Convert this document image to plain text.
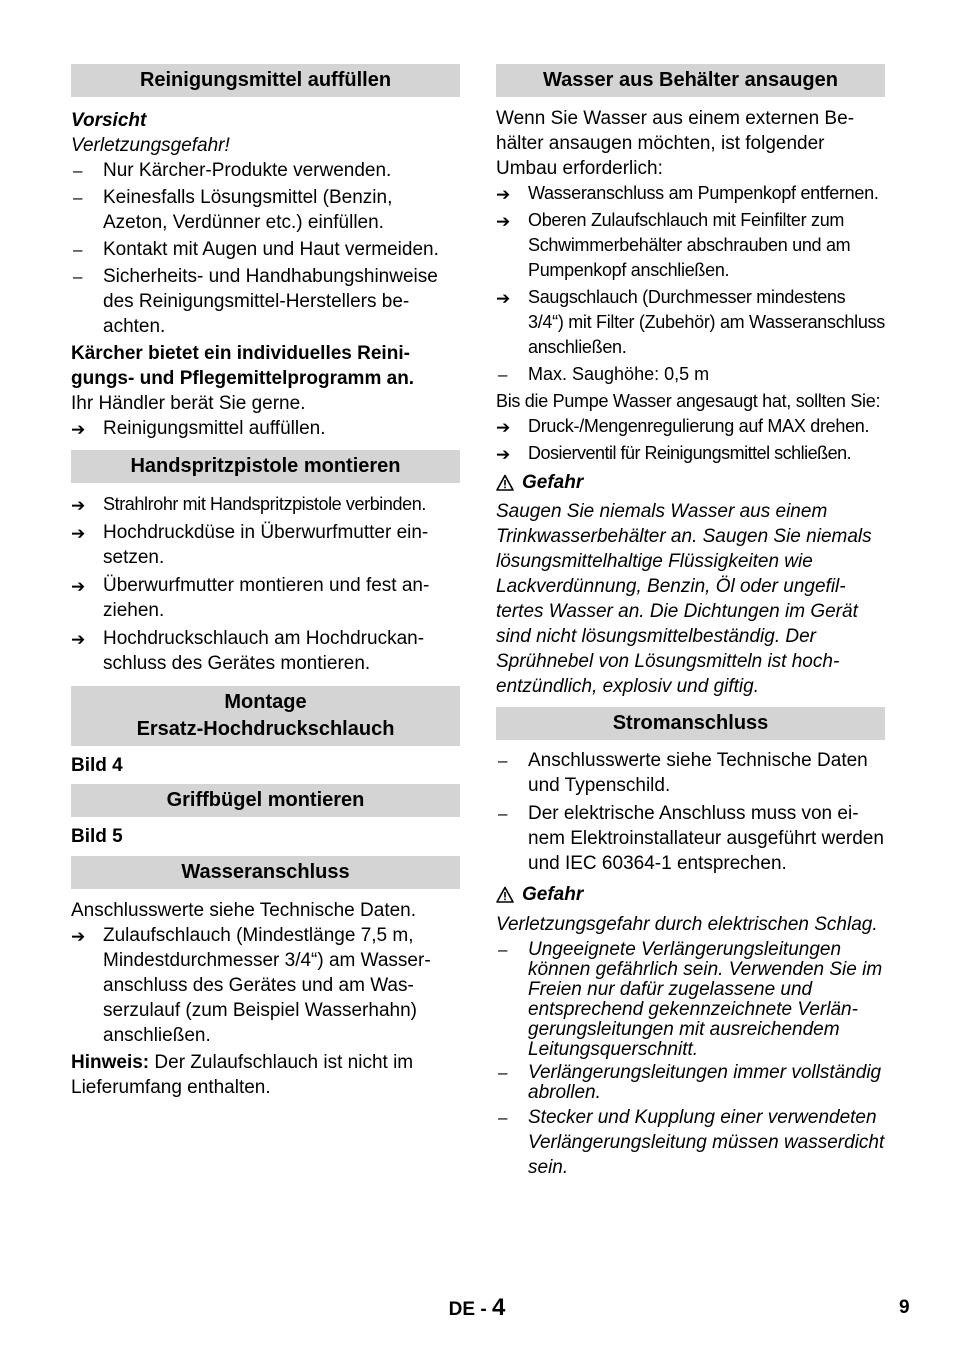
Reinigungsmittel auffüllen

Vorsicht

Verletzungsgefahr!

–	Nur Kärcher-Produkte verwenden.
–	Keinesfalls Lösungsmittel (Benzin, Azeton, Verdünner etc.) einfüllen.
–	Kontakt mit Augen und Haut vermeiden.
–	Sicherheits- und Handhabungshinweise des Reinigungsmittel-Herstellers beachten.

Kärcher bietet ein individuelles Reinigungs- und Pflegemittelprogramm an.

Ihr Händler berät Sie gerne.

➔ Reinigungsmittel auffüllen.
Handspritzpistole montieren
➔	Strahlrohr mit Handspritzpistole verbinden.
➔ Hochdruckdüse in Überwurfmutter einsetzen.
➔ Überwurfmutter montieren und fest anziehen.
➔ Hochdruckschlauch am Hochdruckanschluss des Gerätes montieren.
Montage
Ersatz-Hochdruckschlauch

Bild 4

Griffbügel montieren

Bild 5

Wasseranschluss

Anschlusswerte siehe Technische Daten.

➔ Zulaufschlauch (Mindestlänge 7,5 m, Mindestdurchmesser 3/4“) am Wasseranschluss des Gerätes und am Wasserzulauf (zum Beispiel Wasserhahn) anschließen.

Hinweis: Der Zulaufschlauch ist nicht im Lieferumfang enthalten.

Wasser aus Behälter ansaugen

Wenn Sie Wasser aus einem externen Behälter ansaugen möchten, ist folgender Umbau erforderlich:

➔	Wasseranschluss am Pumpenkopf entfernen.
➔	Oberen Zulaufschlauch mit Feinfilter zum Schwimmerbehälter abschrauben und am Pumpenkopf anschließen.
➔	Saugschlauch (Durchmesser mindestens 3/4“) mit Filter (Zubehör) am Wasseranschluss anschließen.
–	Max. Saughöhe: 0,5 m

Bis die Pumpe Wasser angesaugt hat, sollten Sie:

➔	Druck-/Mengenregulierung auf MAX drehen.
➔	Dosierventil für Reinigungsmittel schließen.
Gefahr

Saugen Sie niemals Wasser aus einem Trinkwasserbehälter an. Saugen Sie niemals lösungsmittelhaltige Flüssigkeiten wie Lackverdünnung, Benzin, Öl oder ungefiltertes Wasser an. Die Dichtungen im Gerät sind nicht lösungsmittelbeständig. Der Sprühnebel von Lösungsmitteln ist hochentzündlich, explosiv und giftig.

Stromanschluss
–	Anschlusswerte siehe Technische Daten und Typenschild.
–	Der elektrische Anschluss muss von einem Elektroinstallateur ausgeführt werden und IEC 60364-1 entsprechen.
Gefahr

Verletzungsgefahr durch elektrischen Schlag.

–	Ungeeignete Verlängerungsleitungen können gefährlich sein. Verwenden Sie im Freien nur dafür zugelassene und entsprechend gekennzeichnete Verlängerungsleitungen mit ausreichendem Leitungsquerschnitt.
–	Verlängerungsleitungen immer vollständig abrollen.
–	Stecker und Kupplung einer verwendeten Verlängerungsleitung müssen wasserdicht sein.
DE - 4	9
